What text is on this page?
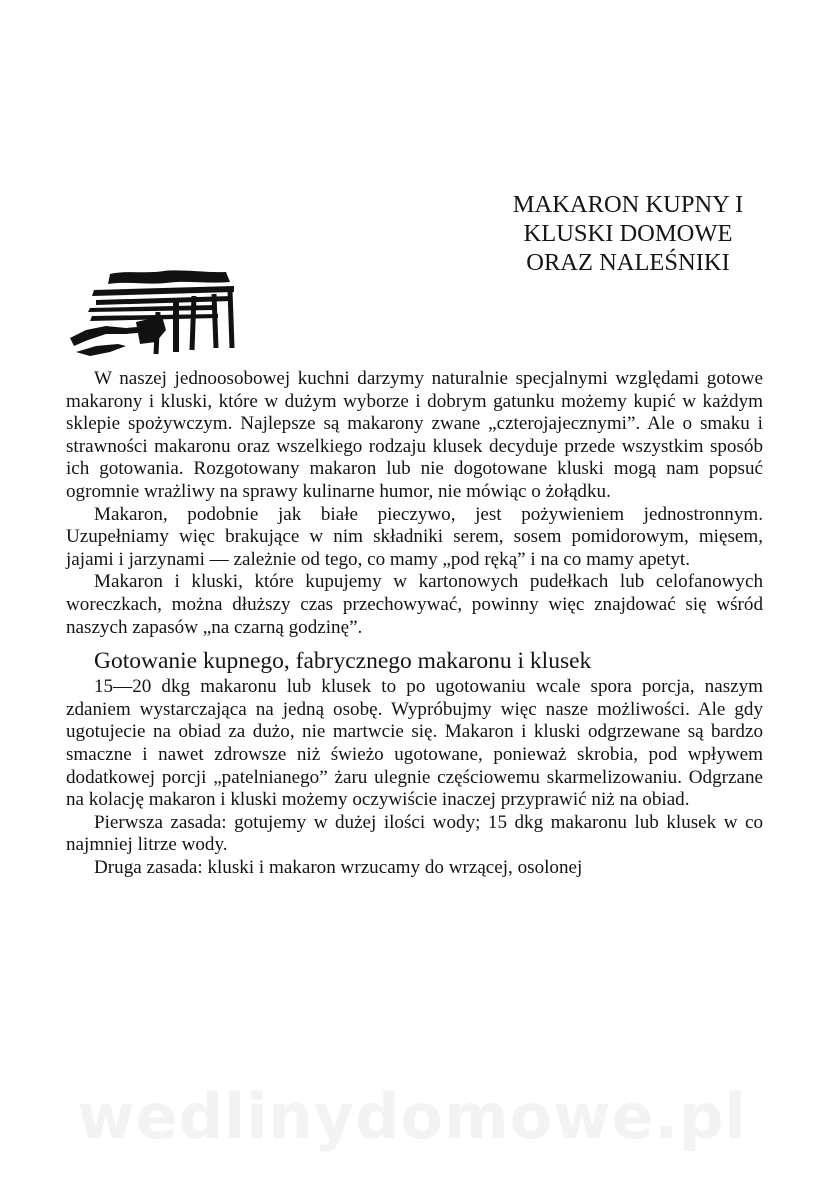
MAKARON KUPNY I
KLUSKI DOMOWE
ORAZ NALEŚNIKI

W naszej jednoosobowej kuchni darzymy naturalnie specjalnymi względami gotowe makarony i kluski, które w dużym wyborze i dobrym gatunku możemy kupić w każdym sklepie spożywczym. Najlepsze są makarony zwane „czterojajecznymi”. Ale o smaku i strawności makaronu oraz wszelkiego rodzaju klusek decyduje przede wszystkim sposób ich gotowania. Rozgotowany makaron lub nie dogotowane kluski mogą nam popsuć ogromnie wrażliwy na sprawy kulinarne humor, nie mówiąc o żołądku.

Makaron, podobnie jak białe pieczywo, jest pożywieniem jednostronnym. Uzupełniamy więc brakujące w nim składniki serem, sosem pomidorowym, mięsem, jajami i jarzynami — zależnie od tego, co mamy „pod ręką” i na co mamy apetyt.

Makaron i kluski, które kupujemy w kartonowych pudełkach lub celofanowych woreczkach, można dłuższy czas przechowywać, powinny więc znajdować się wśród naszych zapasów „na czarną godzinę”.

Gotowanie kupnego, fabrycznego makaronu i klusek

15—20 dkg makaronu lub klusek to po ugotowaniu wcale spora porcja, naszym zdaniem wystarczająca na jedną osobę. Wypróbujmy więc nasze możliwości. Ale gdy ugotujecie na obiad za dużo, nie martwcie się. Makaron i kluski odgrzewane są bardzo smaczne i nawet zdrowsze niż świeżo ugotowane, ponieważ skrobia, pod wpływem dodatkowej porcji „patelnianego” żaru ulegnie częściowemu skarmelizowaniu. Odgrzane na kolację makaron i kluski możemy oczywiście inaczej przyprawić niż na obiad.

Pierwsza zasada: gotujemy w dużej ilości wody; 15 dkg makaronu lub klusek w co najmniej litrze wody.

Druga zasada: kluski i makaron wrzucamy do wrzącej, osolonej

wedlinydomowe.pl
